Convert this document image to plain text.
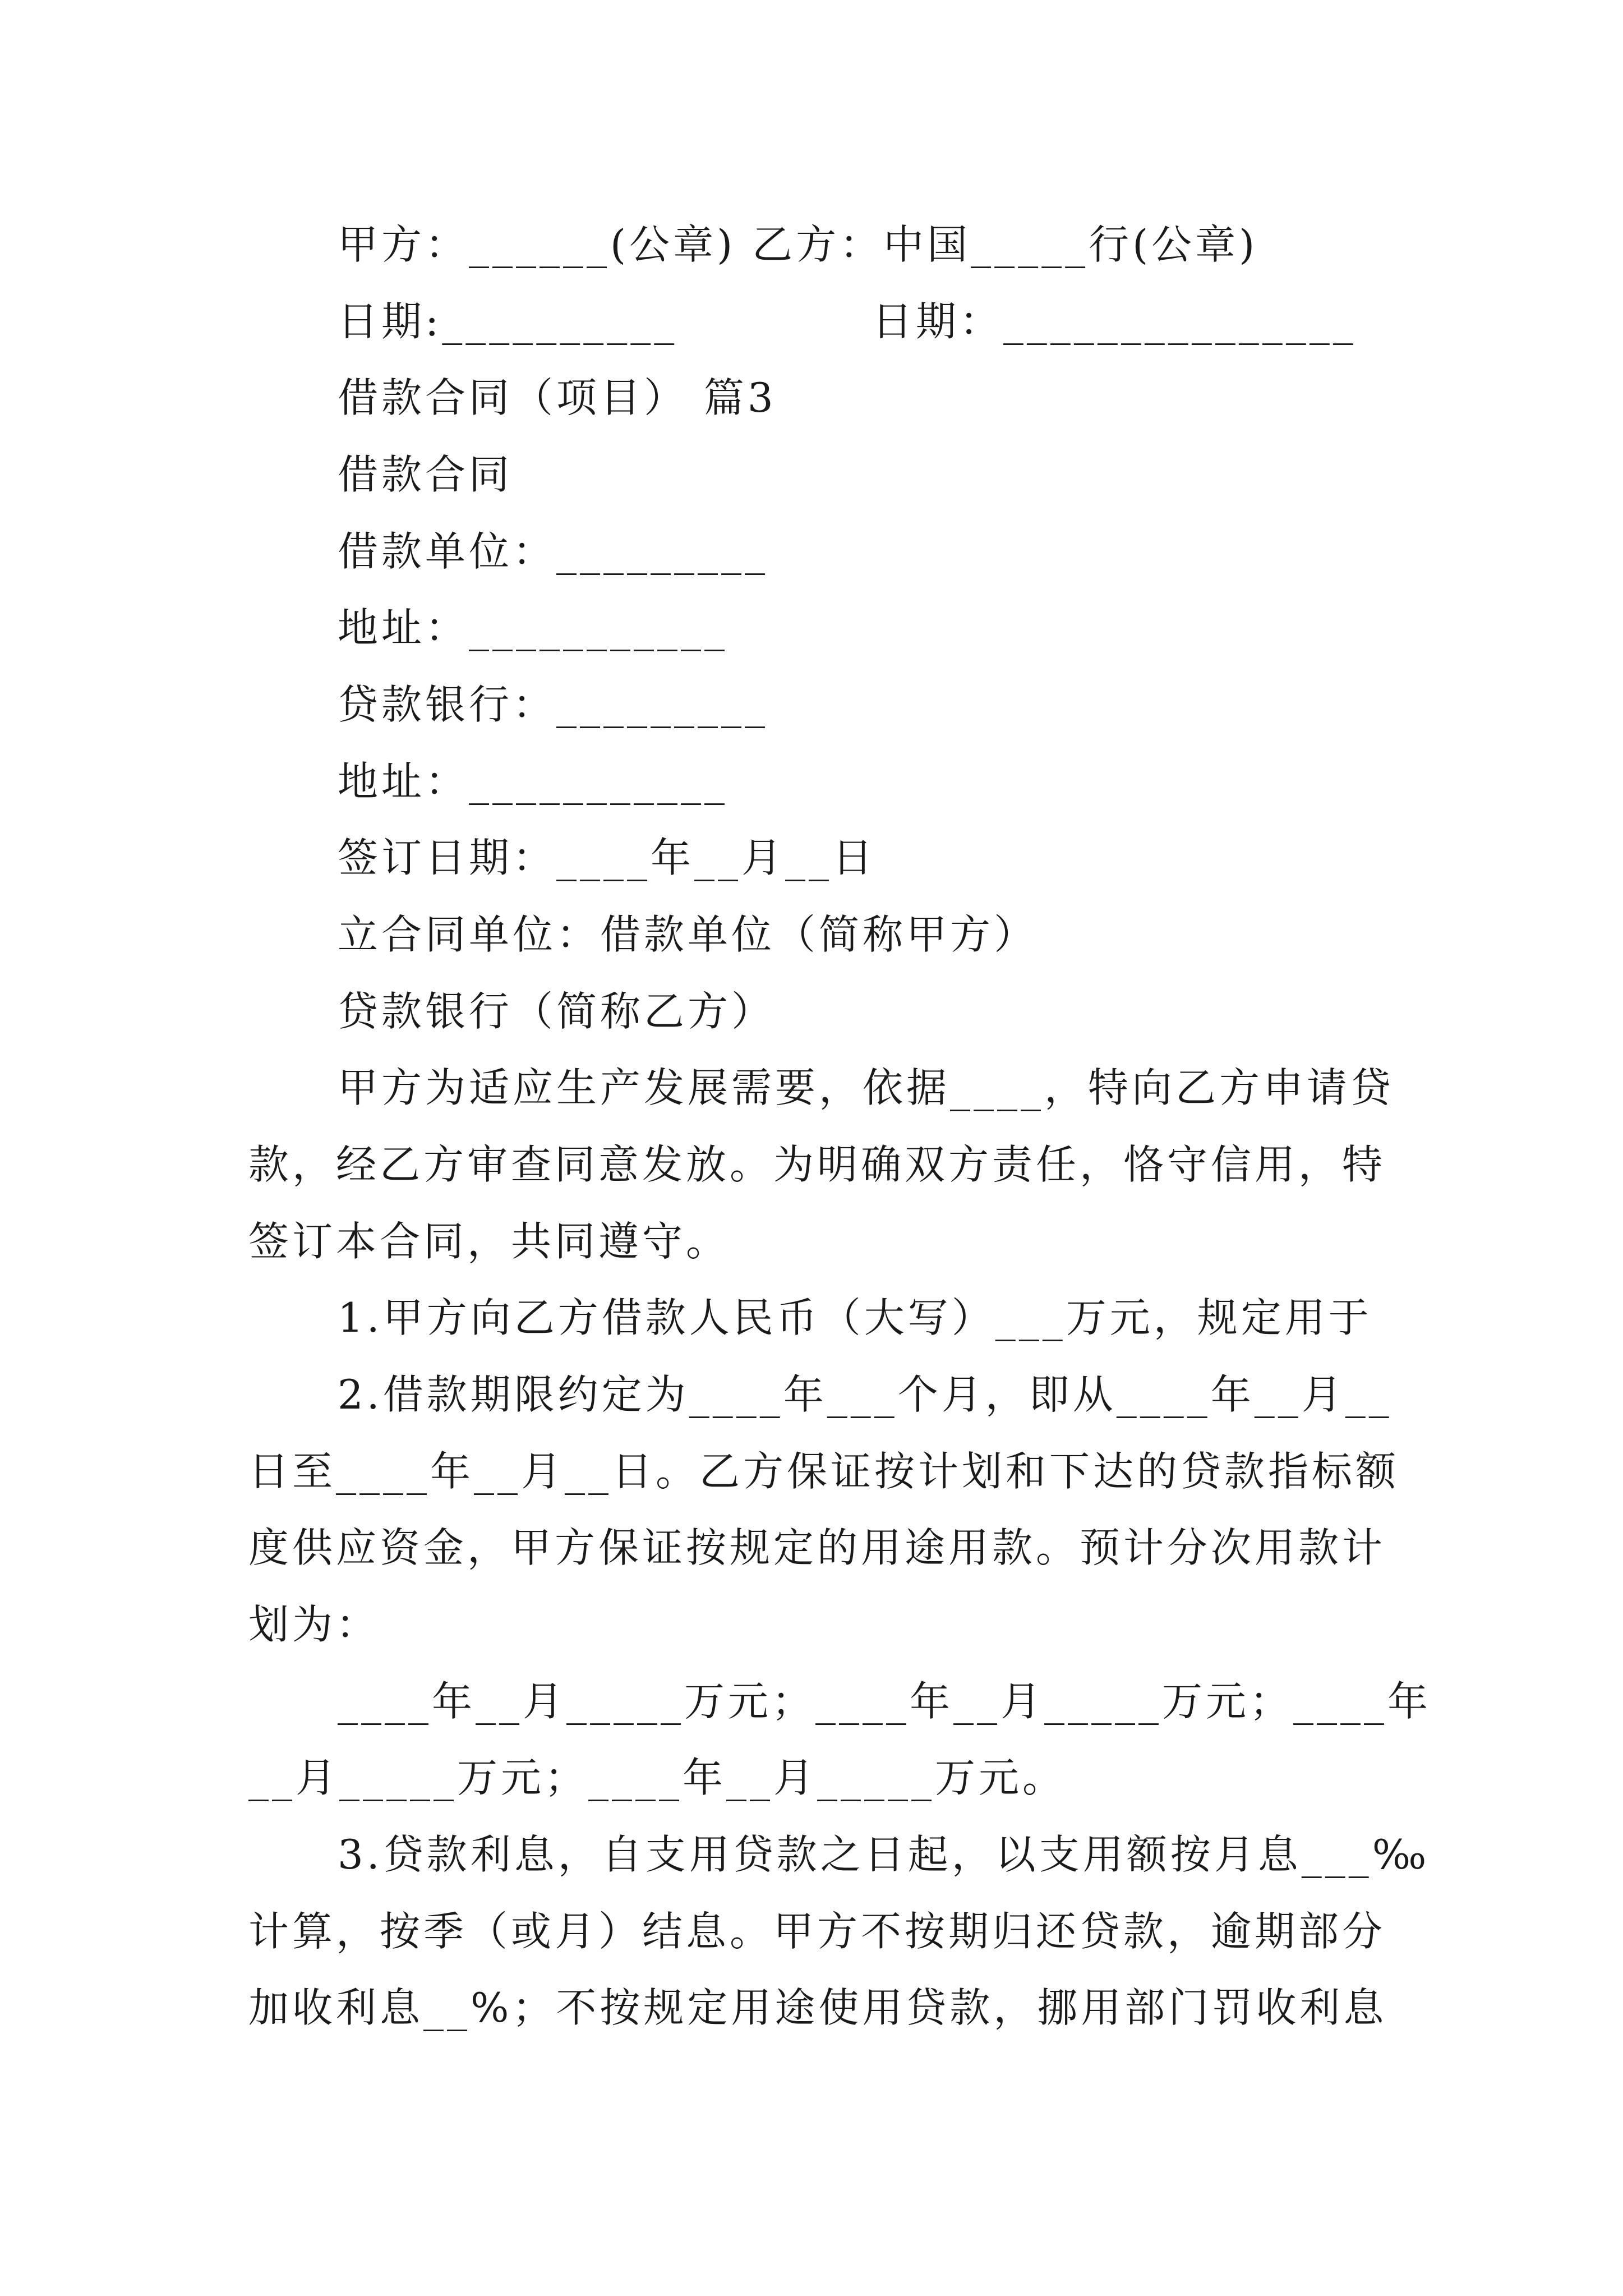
甲方：______(公章) 乙方：中国_____行(公章)
日期:__________            日期：_______________
借款合同（项目） 篇3
借款合同
借款单位：_________
地址：___________
贷款银行：_________
地址：___________
签订日期：____年__月__日
立合同单位：借款单位（简称甲方）
贷款银行（简称乙方）
甲方为适应生产发展需要，依据____，特向乙方申请贷
款，经乙方审查同意发放。为明确双方责任，恪守信用，特
签订本合同，共同遵守。
1.甲方向乙方借款人民币（大写）___万元，规定用于
2.借款期限约定为____年___个月，即从____年__月__
日至____年__月__日。乙方保证按计划和下达的贷款指标额
度供应资金，甲方保证按规定的用途用款。预计分次用款计
划为：
____年__月_____万元；____年__月_____万元；____年
__月_____万元；____年__月_____万元。
3.贷款利息，自支用贷款之日起，以支用额按月息___‰
计算，按季（或月）结息。甲方不按期归还贷款，逾期部分
加收利息__%；不按规定用途使用贷款，挪用部门罚收利息
